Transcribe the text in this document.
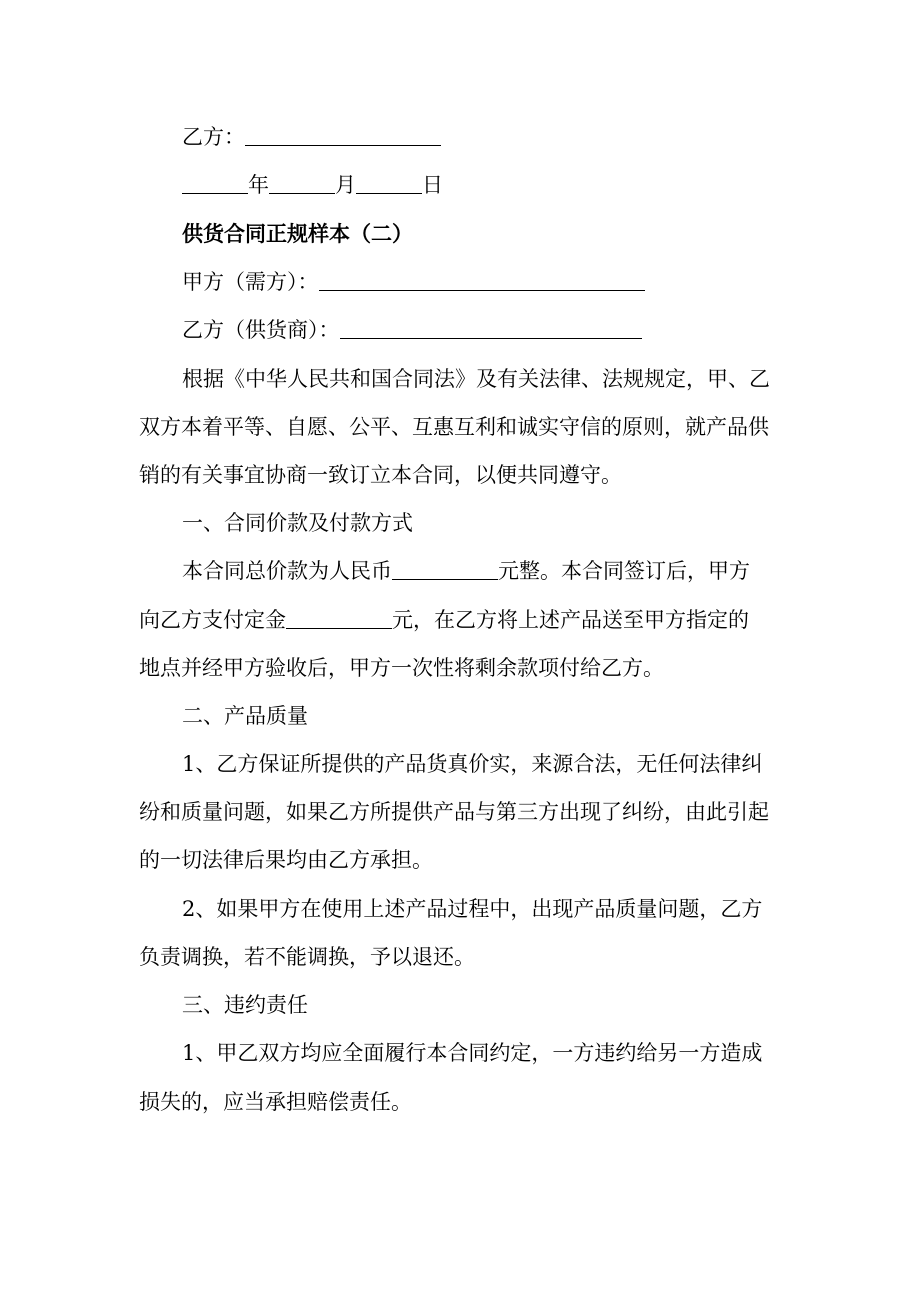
乙方：
年	月	日
供货合同正规样本（二）
甲方（需方）：
乙方（供货商）：
根据《中华人民共和国合同法》及有关法律、法规规定，甲、乙
双方本着平等、自愿、公平、互惠互利和诚实守信的原则，就产品供
销的有关事宜协商一致订立本合同，以便共同遵守。
一、合同价款及付款方式
本合同总价款为人民币	元整。本合同签订后，甲方
向乙方支付定金	元，在乙方将上述产品送至甲方指定的
地点并经甲方验收后，甲方一次性将剩余款项付给乙方。
二、产品质量
1、乙方保证所提供的产品货真价实，来源合法，无任何法律纠
纷和质量问题，如果乙方所提供产品与第三方出现了纠纷，由此引起
的一切法律后果均由乙方承担。
2、如果甲方在使用上述产品过程中，出现产品质量问题，乙方
负责调换，若不能调换，予以退还。
三、违约责任
1、甲乙双方均应全面履行本合同约定，一方违约给另一方造成
损失的，应当承担赔偿责任。
